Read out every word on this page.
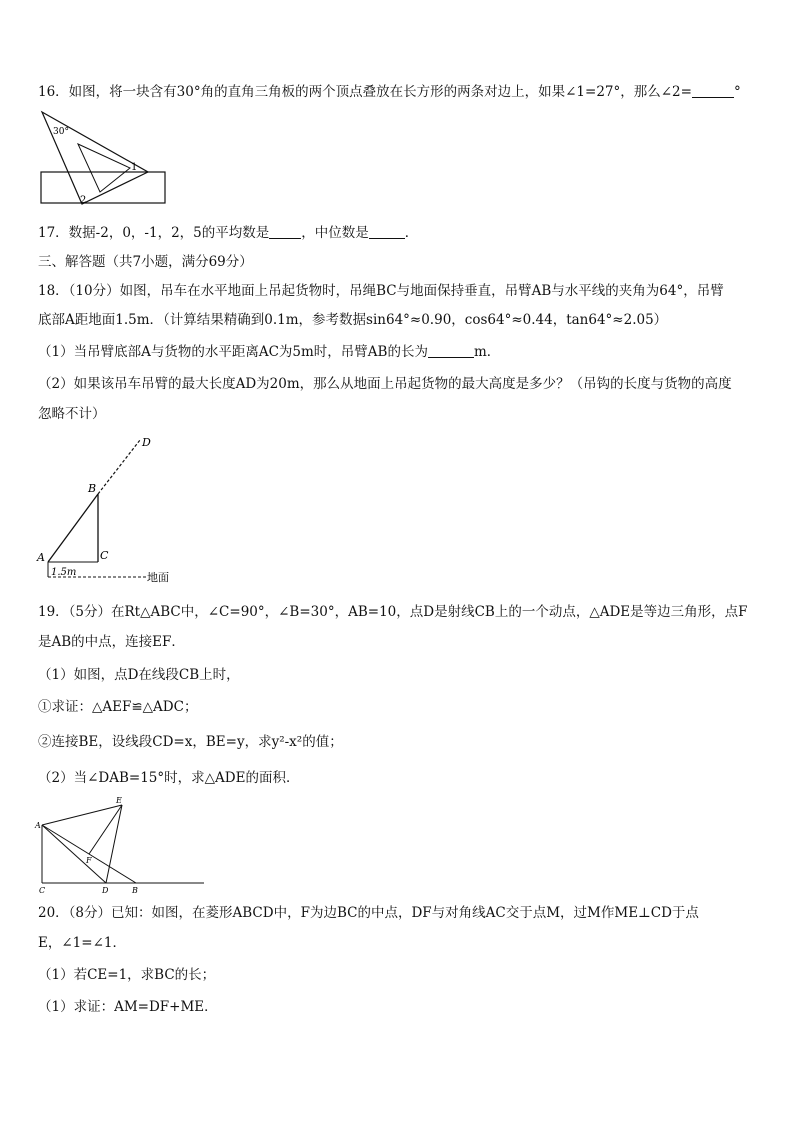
16．如图，将一块含有30°角的直角三角板的两个顶点叠放在长方形的两条对边上，如果∠1=27°，那么∠2=	°
30°
1
2
17．数据-2，0，-1，2，5的平均数是 ，中位数是	．
三、解答题（共7小题，满分69分）
18．（10分）如图，吊车在水平地面上吊起货物时，吊绳BC与地面保持垂直，吊臂AB与水平线的夹角为64°，吊臂
底部A距地面1.5m．（计算结果精确到0.1m，参考数据sin64°≈0.90，cos64°≈0.44，tan64°≈2.05）
（1）当吊臂底部A与货物的水平距离AC为5m时，吊臂AB的长为	m．
（2）如果该吊车吊臂的最大长度AD为20m，那么从地面上吊起货物的最大高度是多少？（吊钩的长度与货物的高度
忽略不计）
D
B
A	C
1.5m	地面
19．（5分）在Rt△ABC中，∠C=90°，∠B=30°，AB=10，点D是射线CB上的一个动点，△ADE是等边三角形，点F
是AB的中点，连接EF．
（1）如图，点D在线段CB上时，
①求证：△AEF≌△ADC；
②连接BE，设线段CD=x，BE=y，求y²-x²的值；
（2）当∠DAB=15°时，求△ADE的面积．
E
A
F
C	D	B
20．（8分）已知：如图，在菱形ABCD中，F为边BC的中点，DF与对角线AC交于点M，过M作ME⊥CD于点
E，∠1=∠1．
（1）若CE=1，求BC的长；
（1）求证：AM=DF+ME．
